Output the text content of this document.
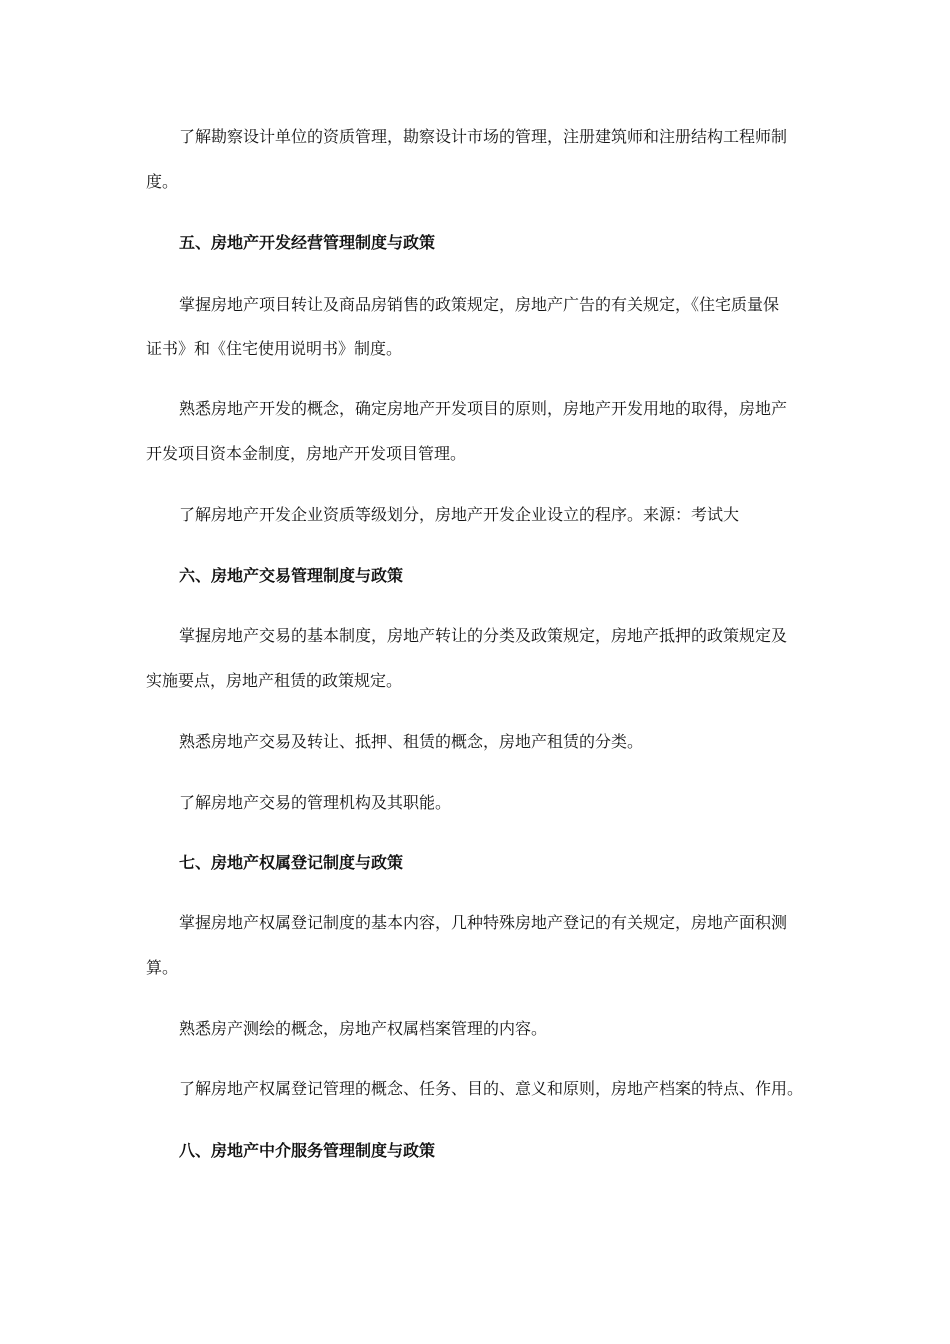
了解勘察设计单位的资质管理，勘察设计市场的管理，注册建筑师和注册结构工程师制
度。
五、房地产开发经营管理制度与政策
掌握房地产项目转让及商品房销售的政策规定，房地产广告的有关规定，《住宅质量保
证书》和《住宅使用说明书》制度。
熟悉房地产开发的概念，确定房地产开发项目的原则，房地产开发用地的取得，房地产
开发项目资本金制度，房地产开发项目管理。
了解房地产开发企业资质等级划分，房地产开发企业设立的程序。来源：考试大
六、房地产交易管理制度与政策
掌握房地产交易的基本制度，房地产转让的分类及政策规定，房地产抵押的政策规定及
实施要点，房地产租赁的政策规定。
熟悉房地产交易及转让、抵押、租赁的概念，房地产租赁的分类。
了解房地产交易的管理机构及其职能。
七、房地产权属登记制度与政策
掌握房地产权属登记制度的基本内容，几种特殊房地产登记的有关规定，房地产面积测
算。
熟悉房产测绘的概念，房地产权属档案管理的内容。
了解房地产权属登记管理的概念、任务、目的、意义和原则，房地产档案的特点、作用。
八、房地产中介服务管理制度与政策
